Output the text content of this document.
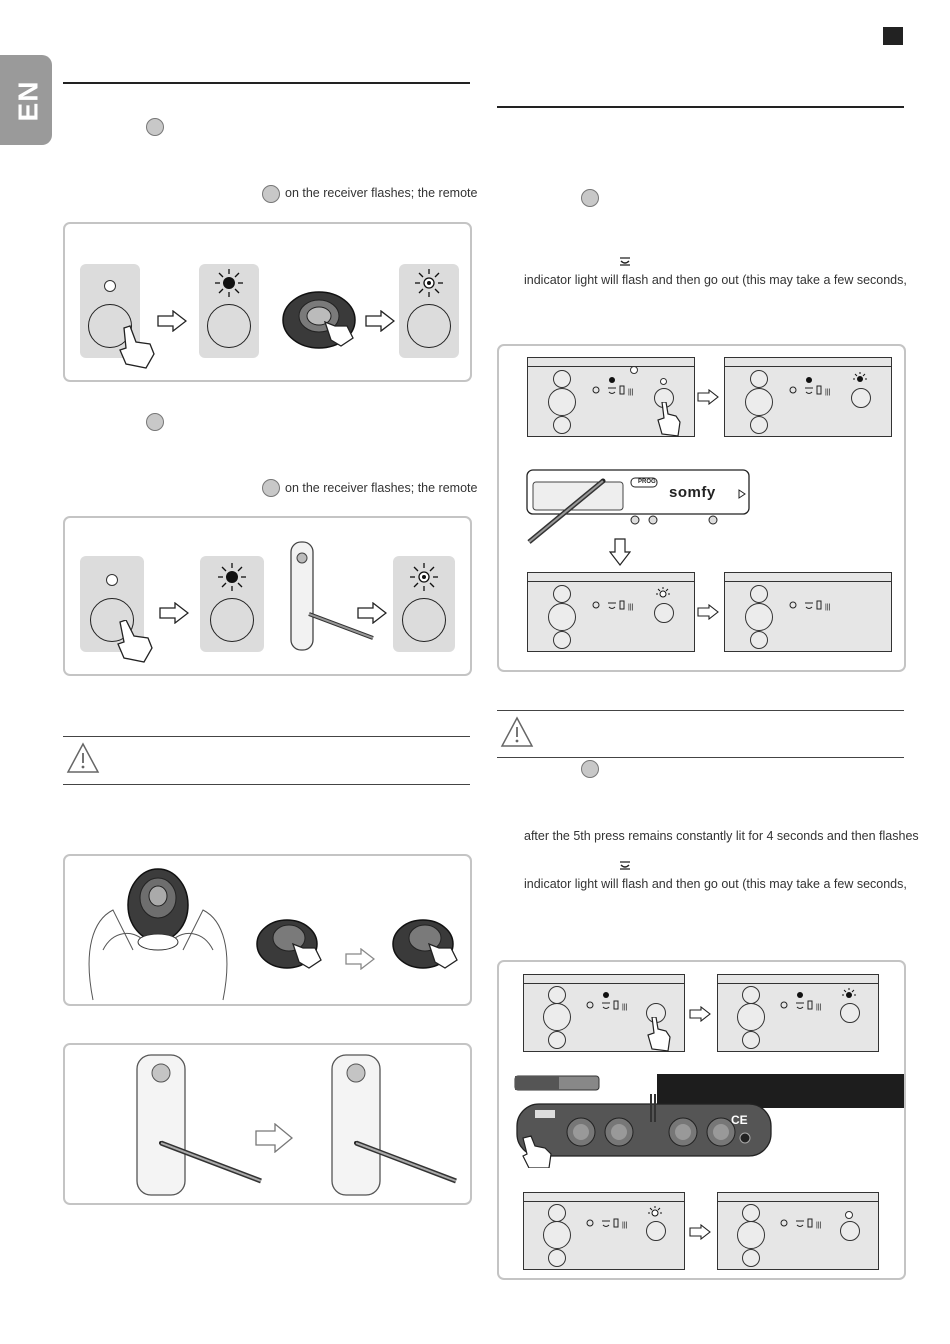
EN
on the receiver flashes; the remote
on the receiver flashes; the remote
indicator light will flash and then go out (this may take a few seconds,
|||	|||
PROG
somfy
|||	|||
after the 5th press remains constantly lit for 4 seconds and then flashes
indicator light will flash and then go out (this may take a few seconds,
|||	|||
CE
|||	|||
